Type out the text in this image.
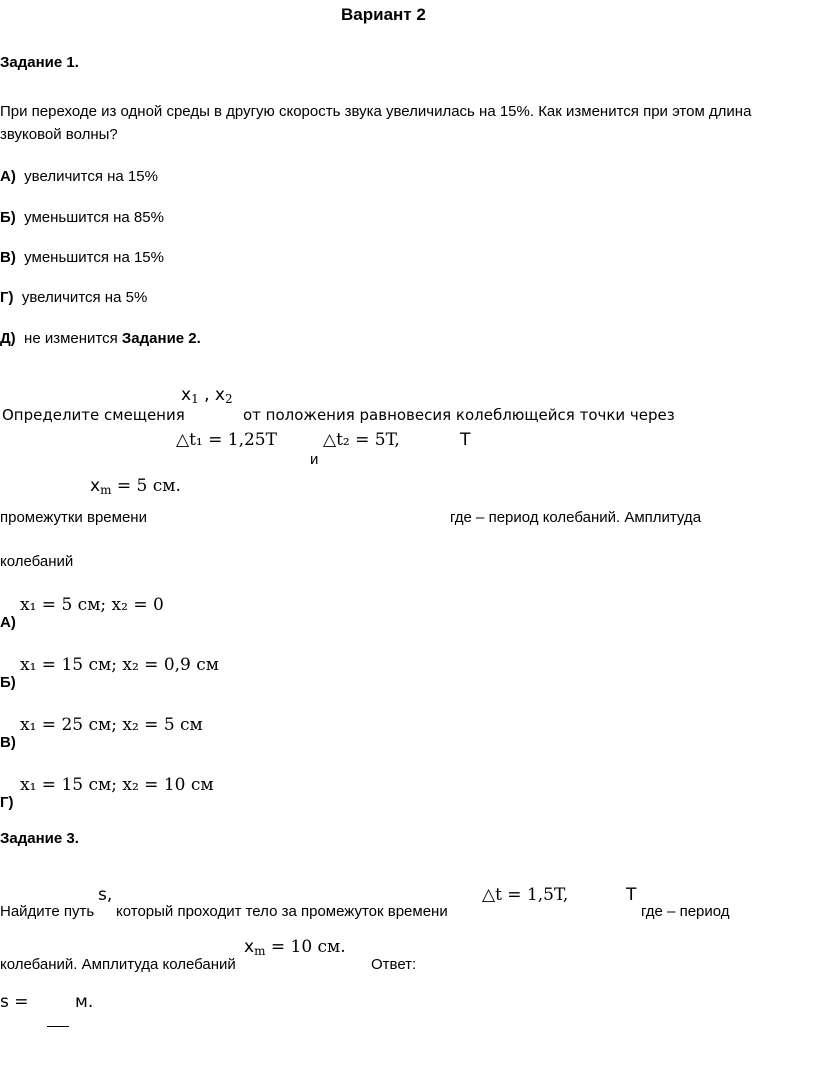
Вариант 2
Задание 1.
При переходе из одной среды в другую скорость звука увеличилась на 15%. Как изменится при этом длина
звуковой волны?
А) увеличится на 15%
Б) уменьшится на 85%
В) уменьшится на 15%
Г) увеличится на 5%
Д) не изменится Задание 2.
$x_1$ , $x_2$
Определите смещения	от положения равновесия колеблющейся точки через
△t₁ = 1,25T
и
△t₂ = 5T,	T
$x_m = 5$ см.
промежутки времени	где – период колебаний. Амплитуда
колебаний
x₁ = 5 см; x₂ = 0
А)
x₁ = 15 см; x₂ = 0,9 см
Б)
x₁ = 25 см; x₂ = 5 см
В)
x₁ = 15 см; x₂ = 10 см
Г)
Задание 3.
s,	△t = 1,5T,	T
Найдите путь который проходит тело за промежуток времени	где – период
$x_m = 10$ см.
колебаний. Амплитуда колебаний	Ответ:
s =	м.
